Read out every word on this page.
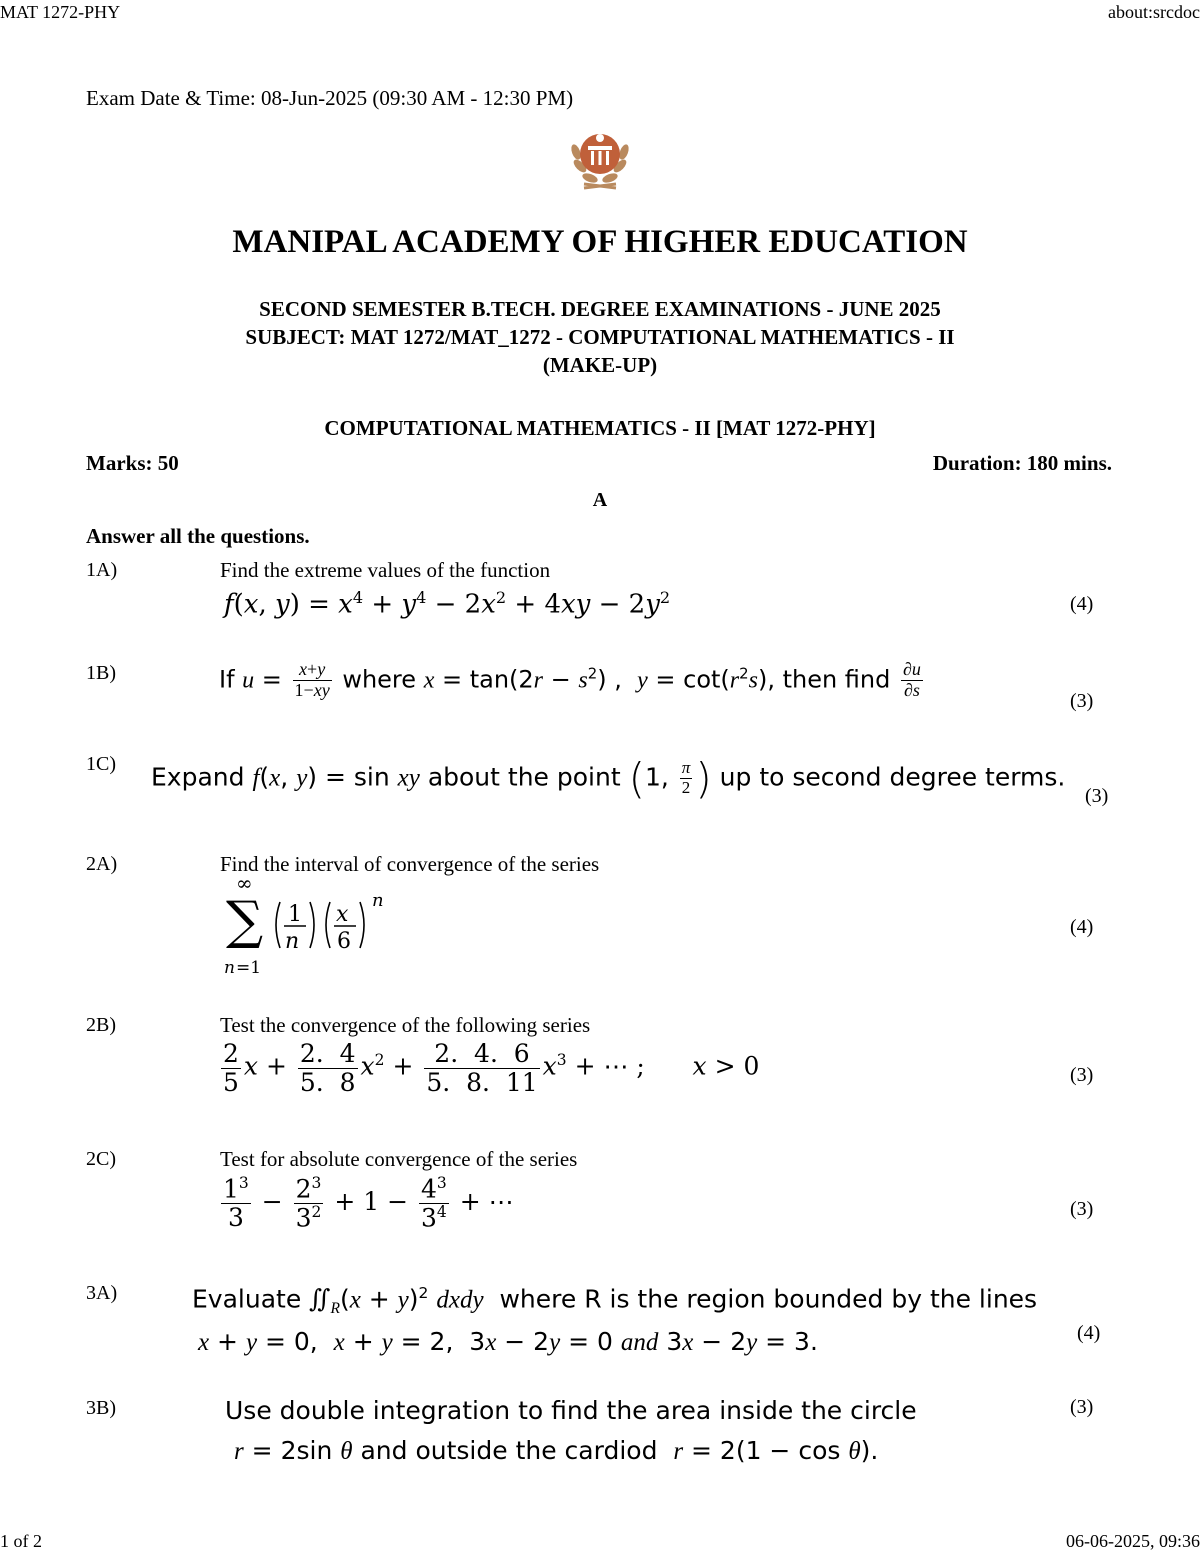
MAT 1272-PHY	about:srcdoc
1 of 2	06-06-2025, 09:36
Exam Date & Time: 08-Jun-2025 (09:30 AM - 12:30 PM)
MANIPAL ACADEMY OF HIGHER EDUCATION
SECOND SEMESTER B.TECH. DEGREE EXAMINATIONS - JUNE 2025
SUBJECT: MAT 1272/MAT_1272 - COMPUTATIONAL MATHEMATICS - II
(MAKE-UP)
COMPUTATIONAL MATHEMATICS - II [MAT 1272-PHY]
Marks: 50	Duration: 180 mins.
A
Answer all the questions.
1A)	Find the extreme values of the function
f(x, $y) = x^4 + y^4 - 2x^2 + 4xy - 2y^2$	(4)
1B)	If $u = \frac{x+y}{1-xy}$ where $x = \tan(2r - s^2)$ ,  $y = \cot(r^2s)$, then find $\frac{\partial u}{\partial s}$
(3)
1C) Expand f(x, y) = sin xy about the point (1, $\frac{\pi}{2}$ ) up to second degree terms.
(3)
2A)	Find the interval of convergence of the series
∞
∑
n =1
1
n
x
6
n
(4)
2B)	Test the convergence of the following series
$\frac{2}{5}$ $x + \frac{2. 4}{5. 8} x^2 + \frac{2. 4. 6}{5. 8. 11} x^3$ + ⋯ ;      x > 0	(3)
2C)	Test for absolute convergence of the series
$\frac{1^3}{3} - \frac{2^3}{3^2} + 1 - \frac{4^3}{3^4}$ + ⋯	(3)
3A)	Evaluate $∬_R(x + y)^2$ dxdy where R is the region bounded by the lines
x + y = 0,  x + y = 2,  3x − 2y = 0 and 3x − 2y = 3.	(4)
3B)	Use double integration to find the area inside the circle
r = 2sin θ and outside the cardiod r = 2(1 − cos θ).
(3)
